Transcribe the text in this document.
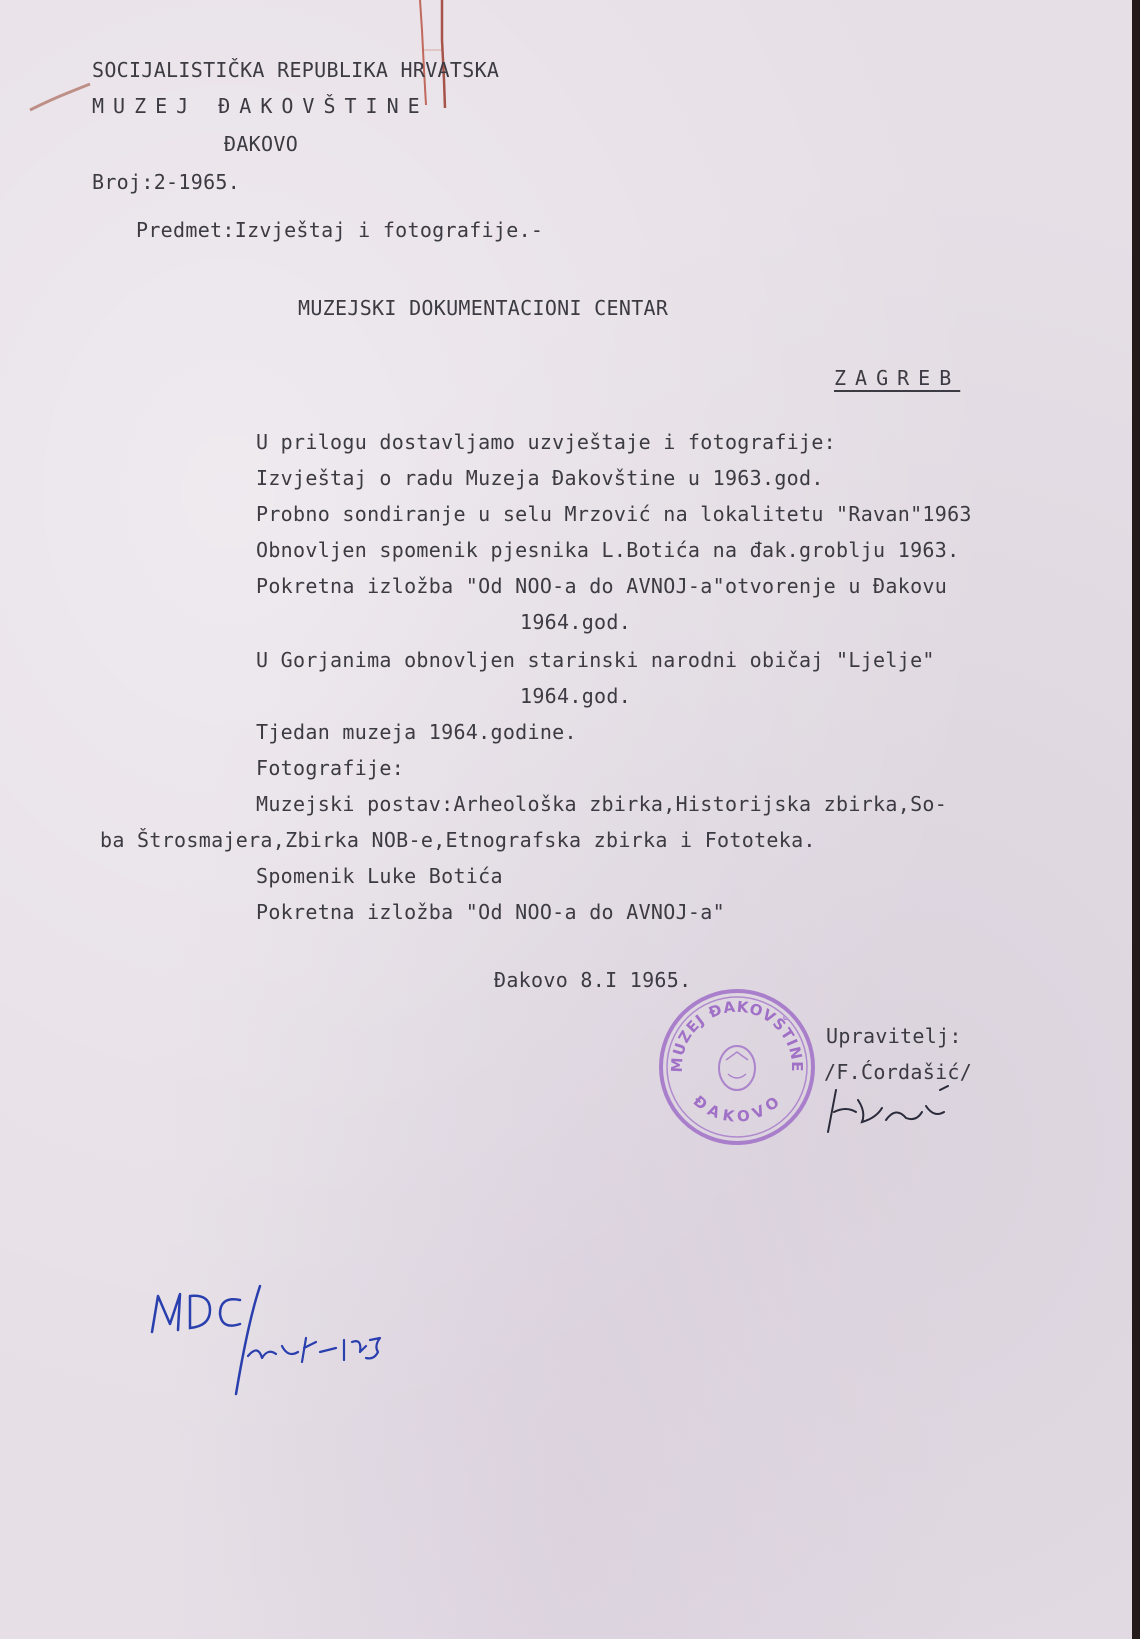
SOCIJALISTIČKA REPUBLIKA HRVATSKA
MUZEJ ĐAKOVŠTINE
ĐAKOVO
Broj:2-1965.
Predmet:Izvještaj i fotografije.-
MUZEJSKI DOKUMENTACIONI CENTAR
ZAGREB
U prilogu dostavljamo uzvještaje i fotografije:
Izvještaj o radu Muzeja Đakovštine u 1963.god.
Probno sondiranje u selu Mrzović na lokalitetu "Ravan"1963
Obnovljen spomenik pjesnika L.Botića na đak.groblju 1963.
Pokretna izložba "Od NOO-a do AVNOJ-a"otvorenje u Đakovu
1964.god.
U Gorjanima obnovljen starinski narodni običaj "Ljelje"
1964.god.
Tjedan muzeja 1964.godine.
Fotografije:
Muzejski postav:Arheološka zbirka,Historijska zbirka,So-
ba Štrosmajera,Zbirka NOB-e,Etnografska zbirka i Fototeka.
Spomenik Luke Botića
Pokretna izložba "Od NOO-a do AVNOJ-a"
Đakovo 8.I 1965.
Upravitelj:
/F.Ćordašić/
MUZEJ ĐAKOVŠTINE
ĐAKOVO
